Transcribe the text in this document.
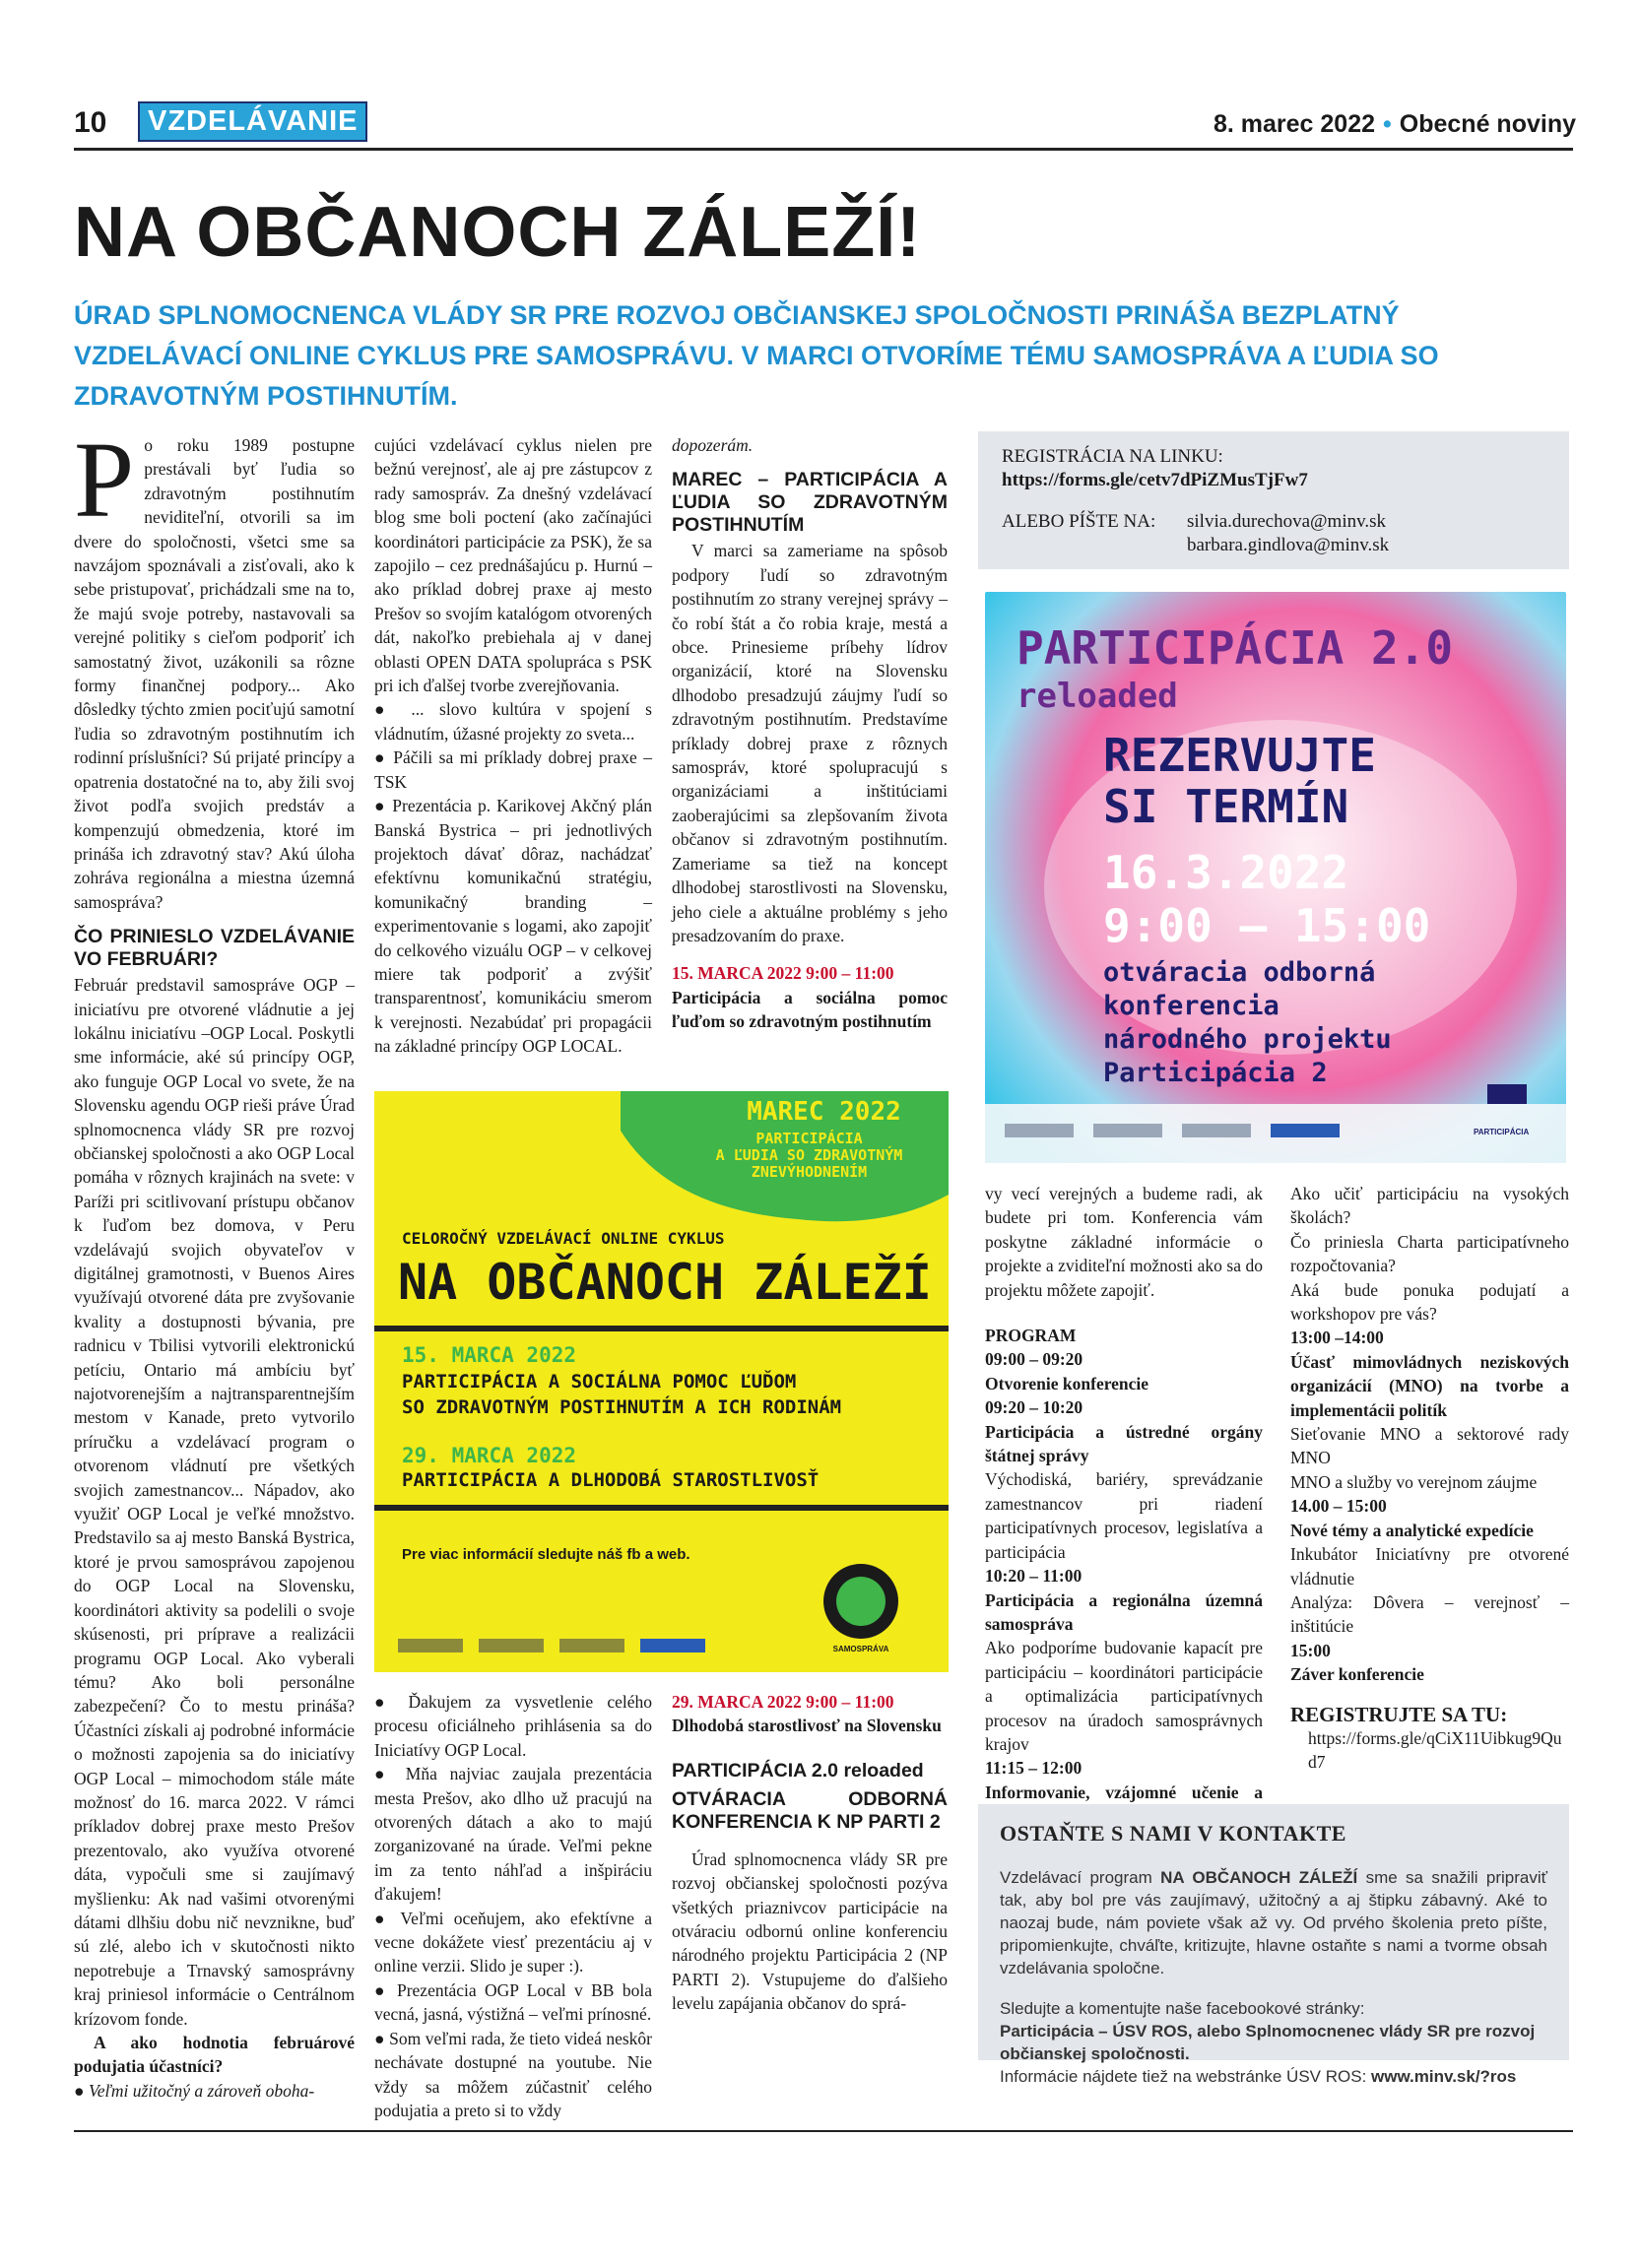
10 VZDELÁVANIE	8. marec 2022 • Obecné noviny
NA OBČANOCH ZÁLEŽÍ!
ÚRAD SPLNOMOCNENCA VLÁDY SR PRE ROZVOJ OBČIANSKEJ SPOLOČNOSTI PRINÁŠA BEZPLATNÝ VZDELÁVACÍ ONLINE CYKLUS PRE SAMOSPRÁVU. V MARCI OTVORÍME TÉMU SAMOSPRÁVA A ĽUDIA SO ZDRAVOTNÝM POSTIHNUTÍM.

Po roku 1989 postupne prestávali byť ľudia so zdravotným postihnutím neviditeľní, otvorili sa im dvere do spoločnosti, všetci sme sa navzájom spoznávali a zisťovali, ako k sebe pristupovať, prichádzali sme na to, že majú svoje potreby, nastavovali sa verejné politiky s cieľom podporiť ich samostatný život, uzákonili sa rôzne formy finančnej podpory... Ako dôsledky týchto zmien pociťujú samotní ľudia so zdravotným postihnutím ich rodinní príslušníci? Sú prijaté princípy a opatrenia dostatočné na to, aby žili svoj život podľa svojich predstáv a kompenzujú obmedzenia, ktoré im prináša ich zdravotný stav? Akú úloha zohráva regionálna a miestna územná samospráva?

ČO PRINIESLO VZDELÁVANIE VO FEBRUÁRI?

Február predstavil samospráve OGP – iniciatívu pre otvorené vládnutie a jej lokálnu iniciatívu –OGP Local. Poskytli sme informácie, aké sú princípy OGP, ako funguje OGP Local vo svete, že na Slovensku agendu OGP rieši práve Úrad splnomocnenca vlády SR pre rozvoj občianskej spoločnosti a ako OGP Local pomáha v rôznych krajinách na svete: v Paríži pri scitlivovaní prístupu občanov k ľuďom bez domova, v Peru vzdelávajú svojich obyvateľov v digitálnej gramotnosti, v Buenos Aires využívajú otvorené dáta pre zvyšovanie kvality a dostupnosti bývania, pre radnicu v Tbilisi vytvorili elektronickú petíciu, Ontario má ambíciu byť najotvorenejším a najtransparentnejším mestom v Kanade, preto vytvorilo príručku a vzdelávací program o otvorenom vládnutí pre všetkých svojich zamestnancov... Nápadov, ako využiť OGP Local je veľké množstvo. Predstavilo sa aj mesto Banská Bystrica, ktoré je prvou samosprávou zapojenou do OGP Local na Slovensku, koordinátori aktivity sa podelili o svoje skúsenosti, pri príprave a realizácii programu OGP Local. Ako vyberali tému? Ako boli personálne zabezpečení? Čo to mestu prináša? Účastníci získali aj podrobné informácie o možnosti zapojenia sa do iniciatívy OGP Local – mimochodom stále máte možnosť do 16. marca 2022. V rámci príkladov dobrej praxe mesto Prešov prezentovalo, ako využíva otvorené dáta, vypočuli sme si zaujímavý myšlienku: Ak nad vašimi otvorenými dátami dlhšiu dobu nič nevznikne, buď sú zlé, alebo ich v skutočnosti nikto nepotrebuje a Trnavský samosprávny kraj priniesol informácie o Centrálnom krízovom fonde.

A ako hodnotia februárové podujatia účastníci?

● Veľmi užitočný a zároveň oboha-

cujúci vzdelávací cyklus nielen pre bežnú verejnosť, ale aj pre zástupcov z rady samospráv. Za dnešný vzdelávací blog sme boli poctení (ako začínajúci koordinátori participácie za PSK), že sa zapojilo – cez prednášajúcu p. Hurnú – ako príklad dobrej praxe aj mesto Prešov so svojím katalógom otvorených dát, nakoľko prebiehala aj v danej oblasti OPEN DATA spolupráca s PSK pri ich ďalšej tvorbe zverejňovania.

● ... slovo kultúra v spojení s vládnutím, úžasné projekty zo sveta...

● Páčili sa mi príklady dobrej praxe – TSK

● Prezentácia p. Karikovej Akčný plán Banská Bystrica – pri jednotlivých projektoch dávať dôraz, nachádzať efektívnu komunikačnú stratégiu, komunikačný branding – experimentovanie s logami, ako zapojiť do celkového vizuálu OGP – v celkovej miere tak podporiť a zvýšiť transparentnosť, komunikáciu smerom k verejnosti. Nezabúdať pri propagácii na základné princípy OGP LOCAL.

dopozerám.

MAREC – PARTICIPÁCIA A ĽUDIA SO ZDRAVOTNÝM POSTIHNUTÍM

V marci sa zameriame na spôsob podpory ľudí so zdravotným postihnutím zo strany verejnej správy – čo robí štát a čo robia kraje, mestá a obce. Prinesieme príbehy lídrov organizácií, ktoré na Slovensku dlhodobo presadzujú záujmy ľudí so zdravotným postihnutím. Predstavíme príklady dobrej praxe z rôznych samospráv, ktoré spolupracujú s organizáciami a inštitúciami zaoberajúcimi sa zlepšovaním života občanov si zdravotným postihnutím. Zameriame sa tiež na koncept dlhodobej starostlivosti na Slovensku, jeho ciele a aktuálne problémy s jeho presadzovaním do praxe.

15. MARCA 2022 9:00 – 11:00

Participácia a sociálna pomoc ľuďom so zdravotným postihnutím

REGISTRÁCIA NA LINKU:
https://forms.gle/cetv7dPiZMusTjFw7
ALEBO PÍŠTE NA:	silvia.durechova@minv.sk
barbara.gindlova@minv.sk
PARTICIPÁCIA 2.0
reloaded
REZERVUJTE
SI TERMÍN
16.3.2022
9:00 – 15:00
otváracia odborná
konferencia
národného projektu
Participácia 2
PARTICIPÁCIA
MAREC 2022
PARTICIPÁCIA
A ĽUDIA SO ZDRAVOTNÝM
ZNEVÝHODNENÍM
CELOROČNÝ VZDELÁVACÍ ONLINE CYKLUS
NA OBČANOCH ZÁLEŽÍ
15. MARCA 2022
PARTICIPÁCIA A SOCIÁLNA POMOC ĽUĎOM
SO ZDRAVOTNÝM POSTIHNUTÍM A ICH RODINÁM
29. MARCA 2022
PARTICIPÁCIA A DLHODOBÁ STAROSTLIVOSŤ
Pre viac informácií sledujte náš fb a web.
SAMOSPRÁVA

● Ďakujem za vysvetlenie celého procesu oficiálneho prihlásenia sa do Iniciatívy OGP Local.

● Mňa najviac zaujala prezentácia mesta Prešov, ako dlho už pracujú na otvorených dátach a ako to majú zorganizované na úrade. Veľmi pekne im za tento náhľad a inšpiráciu ďakujem!

● Veľmi oceňujem, ako efektívne a vecne dokážete viesť prezentáciu aj v online verzii. Slido je super :).

● Prezentácia OGP Local v BB bola vecná, jasná, výstižná – veľmi prínosné.

● Som veľmi rada, že tieto videá neskôr nechávate dostupné na youtube. Nie vždy sa môžem zúčastniť celého podujatia a preto si to vždy

29. MARCA 2022 9:00 – 11:00

Dlhodobá starostlivosť na Slovensku

PARTICIPÁCIA 2.0 reloaded
OTVÁRACIA ODBORNÁ KONFERENCIA K NP PARTI 2

Úrad splnomocnenca vlády SR pre rozvoj občianskej spoločnosti pozýva všetkých priaznivcov participácie na otváraciu odbornú online konferenciu národného projektu Participácia 2 (NP PARTI 2). Vstupujeme do ďalšieho levelu zapájania občanov do sprá-

vy vecí verejných a budeme radi, ak budete pri tom. Konferencia vám poskytne základné informácie o projekte a zviditeľní možnosti ako sa do projektu môžete zapojiť.

PROGRAM

09:00 – 09:20

Otvorenie konferencie

09:20 – 10:20

Participácia a ústredné orgány štátnej správy

Východiská, bariéry, sprevádzanie zamestnancov pri riadení participatívnych procesov, legislatíva a participácia

10:20 – 11:00

Participácia a regionálna územná samospráva

Ako podporíme budovanie kapacít pre participáciu – koordinátori participácie a optimalizácia participatívnych procesov na úradoch samosprávnych krajov

11:15 – 12:00

Informovanie, vzájomné učenie a

Ako učiť participáciu na vysokých školách?

Čo priniesla Charta participatívneho rozpočtovania?

Aká bude ponuka podujatí a workshopov pre vás?

13:00 –14:00

Účasť mimovládnych neziskových organizácií (MNO) na tvorbe a implementácii politík

Sieťovanie MNO a sektorové rady MNO

MNO a služby vo verejnom záujme

14.00 – 15:00

Nové témy a analytické expedície

Inkubátor Iniciatívny pre otvorené vládnutie

Analýza: Dôvera – verejnosť – inštitúcie

15:00

Záver konferencie

REGISTRUJTE SA TU:

https://forms.gle/qCiX11Uibkug9Qud7

OSTAŇTE S NAMI V KONTAKTE
Vzdelávací program NA OBČANOCH ZÁLEŽÍ sme sa snažili pripraviť tak, aby bol pre vás zaujímavý, užitočný a aj štipku zábavný. Aké to naozaj bude, nám poviete však až vy. Od prvého školenia preto píšte, pripomienkujte, chváľte, kritizujte, hlavne ostaňte s nami a tvorme obsah vzdelávania spoločne.
Sledujte a komentujte naše facebookové stránky:
Participácia – ÚSV ROS, alebo Splnomocnenec vlády SR pre rozvoj občianskej spoločnosti.
Informácie nájdete tiež na webstránke ÚSV ROS: www.minv.sk/?ros
